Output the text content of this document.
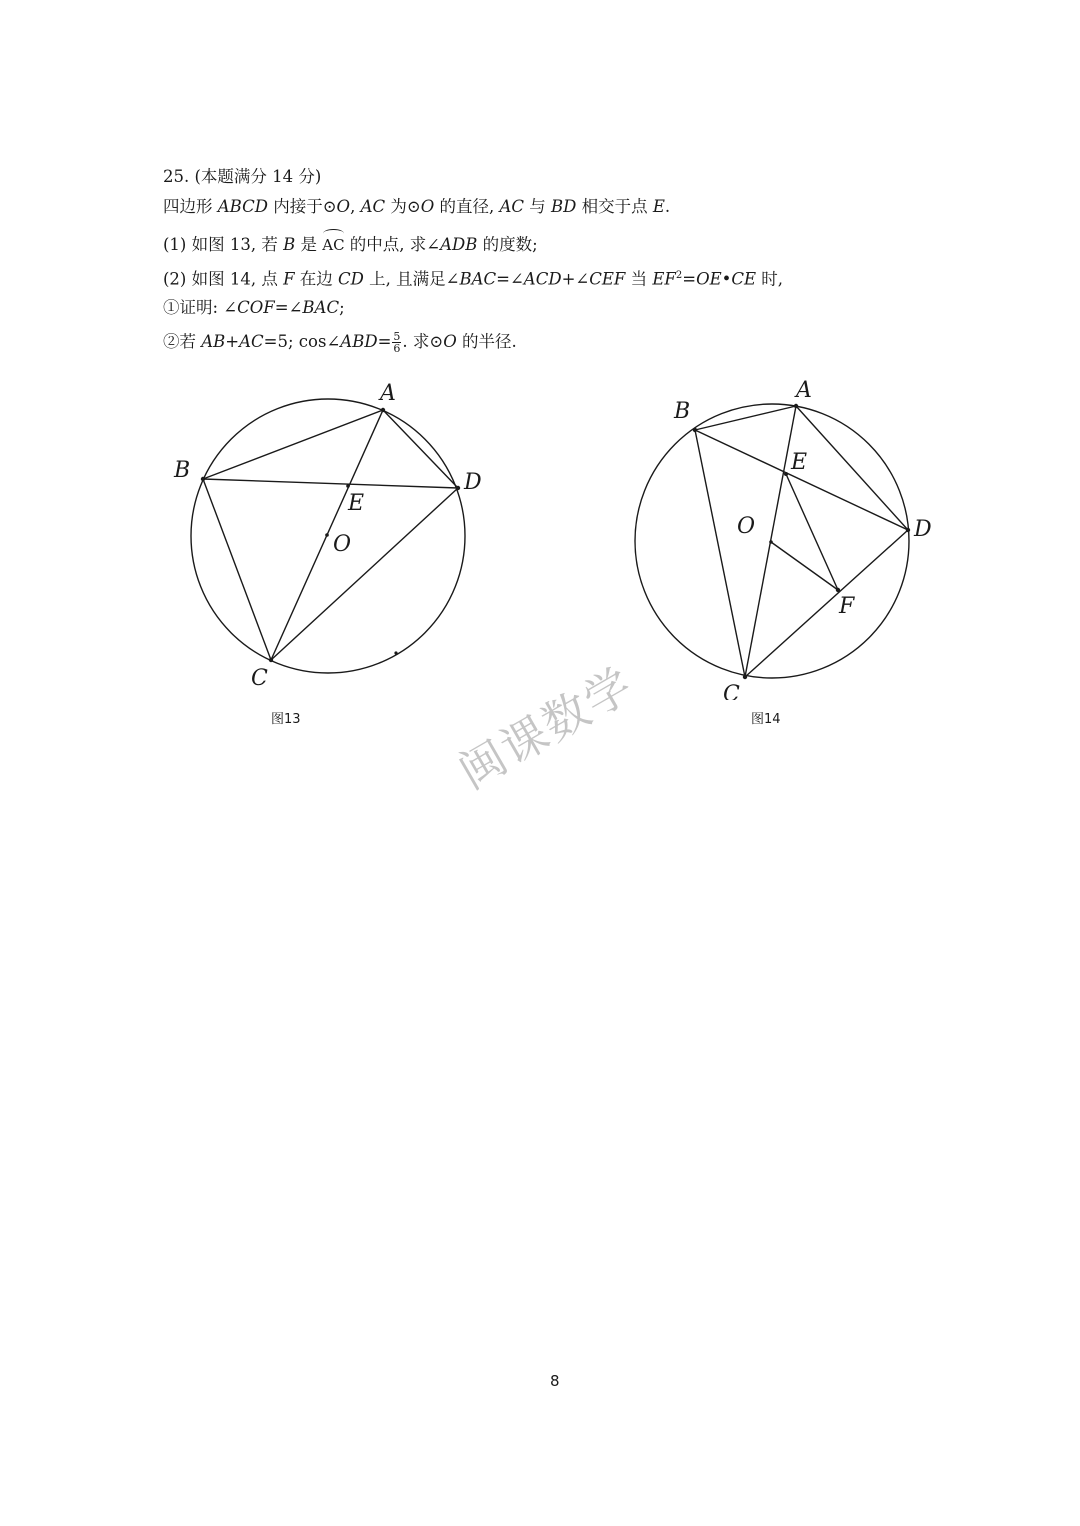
25. (本题满分 14 分)
四边形 ABCD 内接于⊙O, AC 为⊙O 的直径, AC 与 BD 相交于点 E.
(1) 如图 13, 若 B 是 AC 的中点, 求∠ADB 的度数;
(2) 如图 14, 点 F 在边 CD 上, 且满足∠BAC=∠ACD+∠CEF 当 $EF^2=OE•CE$ 时,
①证明: ∠COF=∠BAC;
②若 AB+AC=5; cos∠ABD= $\frac{5}{6}$ . 求⊙O 的半径.
A
B	D
E
O
C
图13
A
B
E
O	D
F
C
图14
闽课数学
8
